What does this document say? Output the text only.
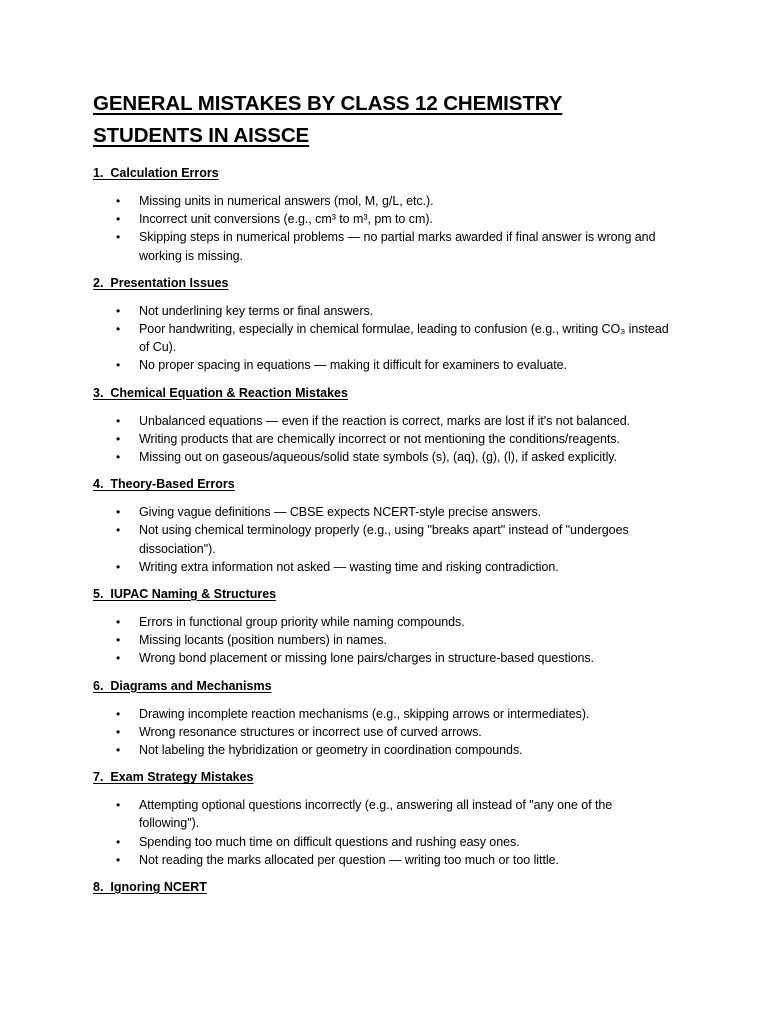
GENERAL MISTAKES BY CLASS 12 CHEMISTRY
STUDENTS IN AISSCE
1.  Calculation Errors
• Missing units in numerical answers (mol, M, g/L, etc.).
• Incorrect unit conversions (e.g., cm³ to m³, pm to cm).
• Skipping steps in numerical problems — no partial marks awarded if final answer is wrong and working is missing.
2.  Presentation Issues
• Not underlining key terms or final answers.
• Poor handwriting, especially in chemical formulae, leading to confusion (e.g., writing CO₃ instead of Cu).
• No proper spacing in equations — making it difficult for examiners to evaluate.
3.  Chemical Equation & Reaction Mistakes
• Unbalanced equations — even if the reaction is correct, marks are lost if it's not balanced.
• Writing products that are chemically incorrect or not mentioning the conditions/reagents.
• Missing out on gaseous/aqueous/solid state symbols (s), (aq), (g), (l), if asked explicitly.
4.  Theory-Based Errors
• Giving vague definitions — CBSE expects NCERT-style precise answers.
• Not using chemical terminology properly (e.g., using "breaks apart" instead of "undergoes dissociation").
• Writing extra information not asked — wasting time and risking contradiction.
5.  IUPAC Naming & Structures
• Errors in functional group priority while naming compounds.
• Missing locants (position numbers) in names.
• Wrong bond placement or missing lone pairs/charges in structure-based questions.
6.  Diagrams and Mechanisms
• Drawing incomplete reaction mechanisms (e.g., skipping arrows or intermediates).
• Wrong resonance structures or incorrect use of curved arrows.
• Not labeling the hybridization or geometry in coordination compounds.
7.  Exam Strategy Mistakes
• Attempting optional questions incorrectly (e.g., answering all instead of "any one of the following").
• Spending too much time on difficult questions and rushing easy ones.
• Not reading the marks allocated per question — writing too much or too little.
8.  Ignoring NCERT
